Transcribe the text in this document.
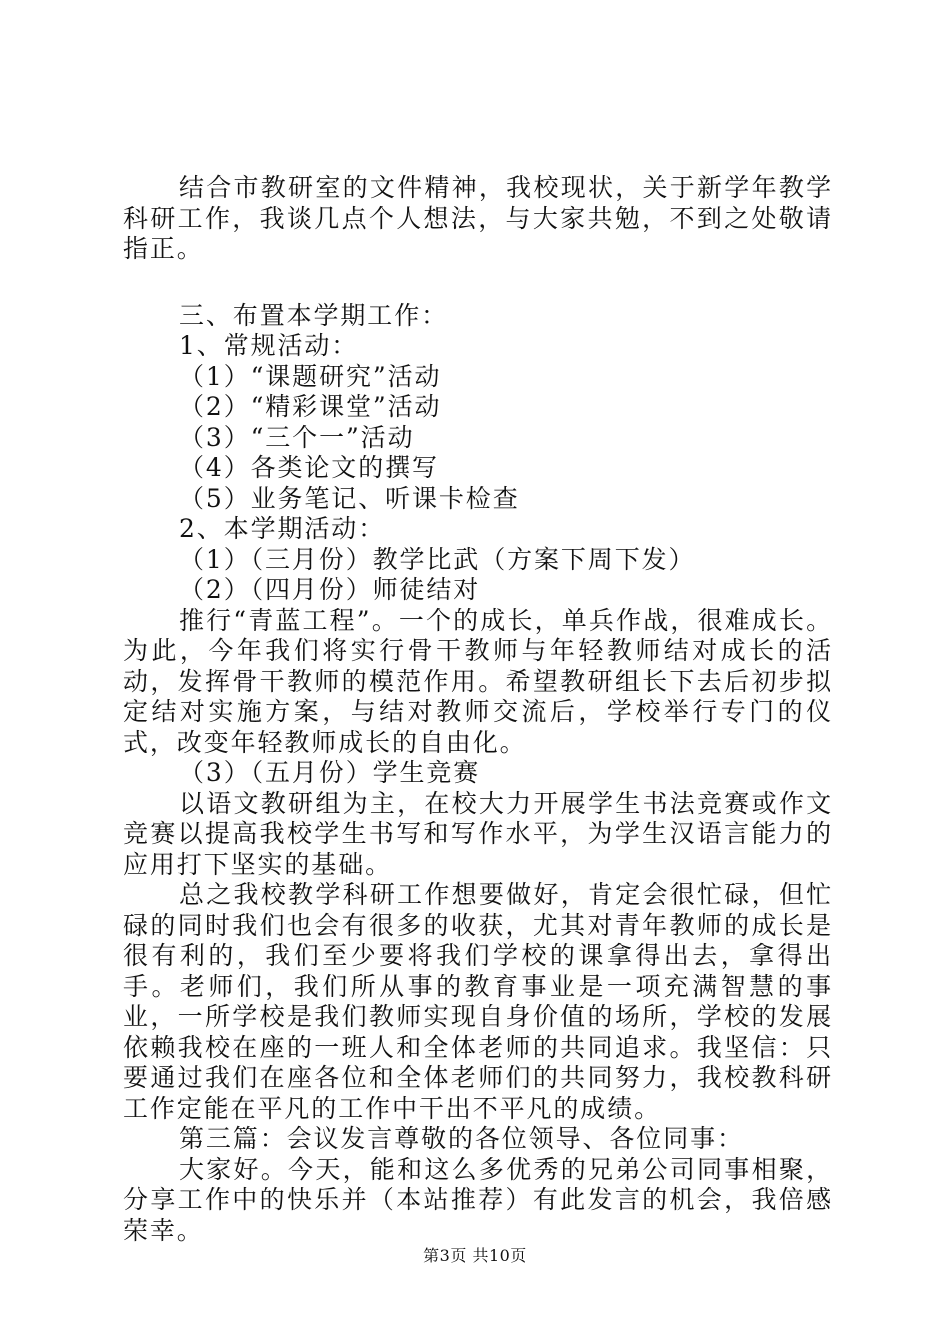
结合市教研室的文件精神，我校现状，关于新学年教学科研工作，我谈几点个人想法，与大家共勉，不到之处敬请指正。

三、布置本学期工作：

1、常规活动：

（1）“课题研究”活动

（2）“精彩课堂”活动

（3）“三个一”活动

（4）各类论文的撰写

（5）业务笔记、听课卡检查

2、本学期活动：

（1）（三月份）教学比武（方案下周下发）

（2）（四月份）师徒结对

推行“青蓝工程”。一个的成长，单兵作战，很难成长。为此，今年我们将实行骨干教师与年轻教师结对成长的活动，发挥骨干教师的模范作用。希望教研组长下去后初步拟定结对实施方案，与结对教师交流后，学校举行专门的仪式，改变年轻教师成长的自由化。

（3）（五月份）学生竞赛

以语文教研组为主，在校大力开展学生书法竞赛或作文竞赛以提高我校学生书写和写作水平，为学生汉语言能力的应用打下坚实的基础。

总之我校教学科研工作想要做好，肯定会很忙碌，但忙碌的同时我们也会有很多的收获，尤其对青年教师的成长是很有利的，我们至少要将我们学校的课拿得出去，拿得出手。老师们，我们所从事的教育事业是一项充满智慧的事业，一所学校是我们教师实现自身价值的场所，学校的发展依赖我校在座的一班人和全体老师的共同追求。我坚信：只要通过我们在座各位和全体老师们的共同努力，我校教科研工作定能在平凡的工作中干出不平凡的成绩。

第三篇：会议发言尊敬的各位领导、各位同事：

大家好。今天，能和这么多优秀的兄弟公司同事相聚，分享工作中的快乐并（本站推荐）有此发言的机会，我倍感荣幸。

第3页 共10页
